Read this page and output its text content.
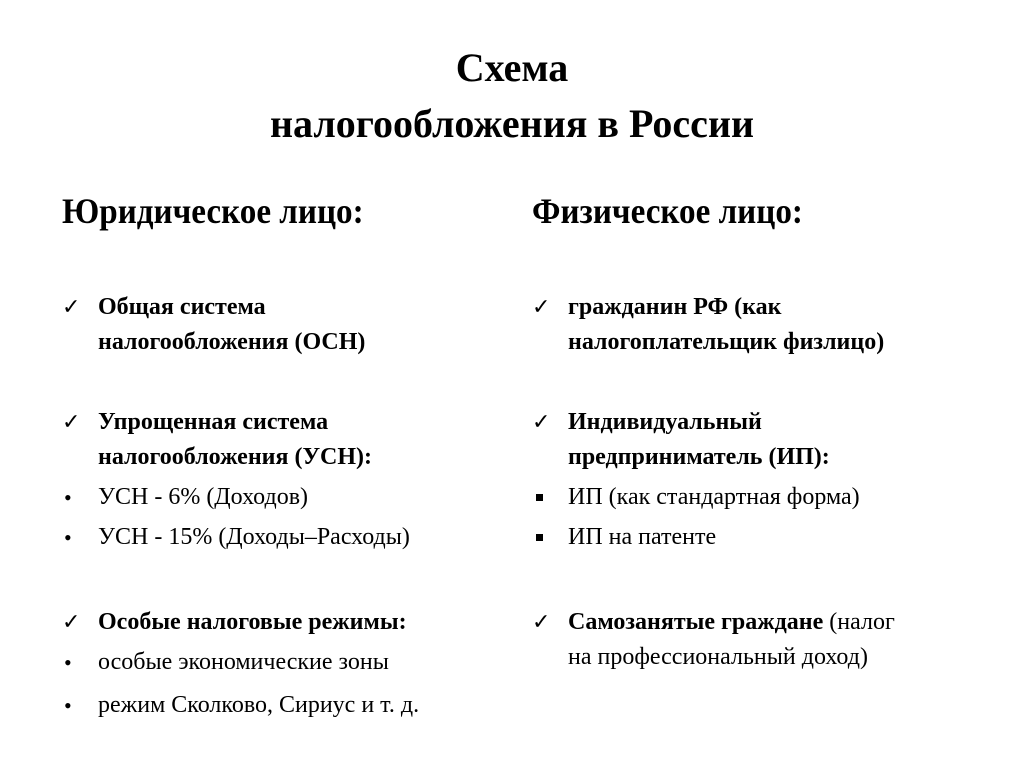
Схема
налогообложения в России
Юридическое лицо:	Физическое лицо:
✓ Общая система
налогообложения (ОСН)
✓ Упрощенная система
налогообложения (УСН):
•	УСН - 6% (Доходов)
•	УСН - 15% (Доходы–Расходы)
✓ Особые налоговые режимы:
•	особые экономические зоны
•	режим Сколково, Сириус и т. д.
✓ гражданин РФ (как
налогоплательщик физлицо)
✓ Индивидуальный
предприниматель (ИП):
ИП (как стандартная форма)
ИП на патенте
✓ Самозанятые граждане (налог
на профессиональный доход)
